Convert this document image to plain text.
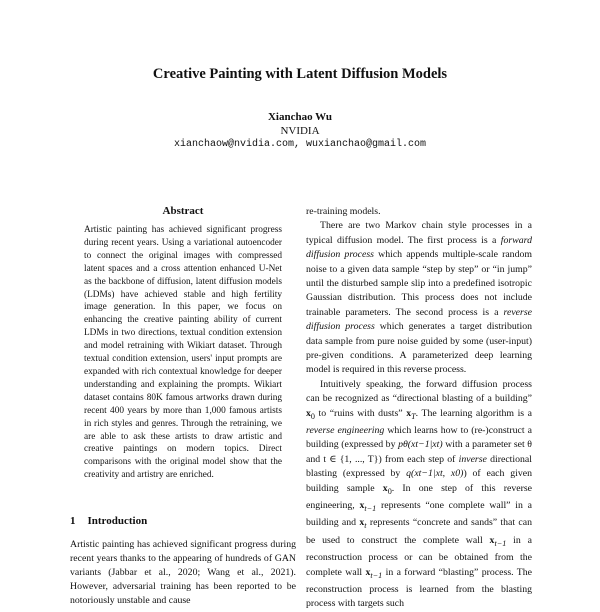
Creative Painting with Latent Diffusion Models
Xianchao Wu
NVIDIA
xianchaow@nvidia.com, wuxianchao@gmail.com
Abstract
Artistic painting has achieved significant progress during recent years. Using a variational autoencoder to connect the original images with compressed latent spaces and a cross attention enhanced U-Net as the backbone of diffusion, latent diffusion models (LDMs) have achieved stable and high fertility image generation. In this paper, we focus on enhancing the creative painting ability of current LDMs in two directions, textual condition extension and model retraining with Wikiart dataset. Through textual condition extension, users' input prompts are expanded with rich contextual knowledge for deeper understanding and explaining the prompts. Wikiart dataset contains 80K famous artworks drawn during recent 400 years by more than 1,000 famous artists in rich styles and genres. Through the retraining, we are able to ask these artists to draw artistic and creative paintings on modern topics. Direct comparisons with the original model show that the creativity and artistry are enriched.
1 Introduction
Artistic painting has achieved significant progress during recent years thanks to the appearing of hundreds of GAN variants (Jabbar et al., 2020; Wang et al., 2021). However, adversarial training has been reported to be notoriously unstable and cause

re-training models.

There are two Markov chain style processes in a typical diffusion model. The first process is a forward diffusion process which appends multiple-scale random noise to a given data sample “step by step” or “in jump” until the disturbed sample slip into a predefined isotropic Gaussian distribution. This process does not include trainable parameters. The second process is a reverse diffusion process which generates a target distribution data sample from pure noise guided by some (user-input) pre-given conditions. A parameterized deep learning model is required in this reverse process.

Intuitively speaking, the forward diffusion process can be recognized as “directional blasting of a building” $x_0$ to “ruins with dusts” $x_T$. The learning algorithm is a reverse engineering which learns how to (re-)construct a building (expressed by pθ(xt−1|xt) with a parameter set θ and t ∈ {1, ..., T}) from each step of inverse directional blasting (expressed by q(xt−1|xt, x0)) of each given building sample $x_0$. In one step of this reverse engineering, $x_{t-1}$ represents “one complete wall” in a building and $x_t$ represents “concrete and sands” that can be used to construct the complete wall $x_{t-1}$ in a reconstruction process or can be obtained from the complete wall $x_{t-1}$ in a forward “blasting” process. The reconstruction process is learned from the blasting process with targets such
